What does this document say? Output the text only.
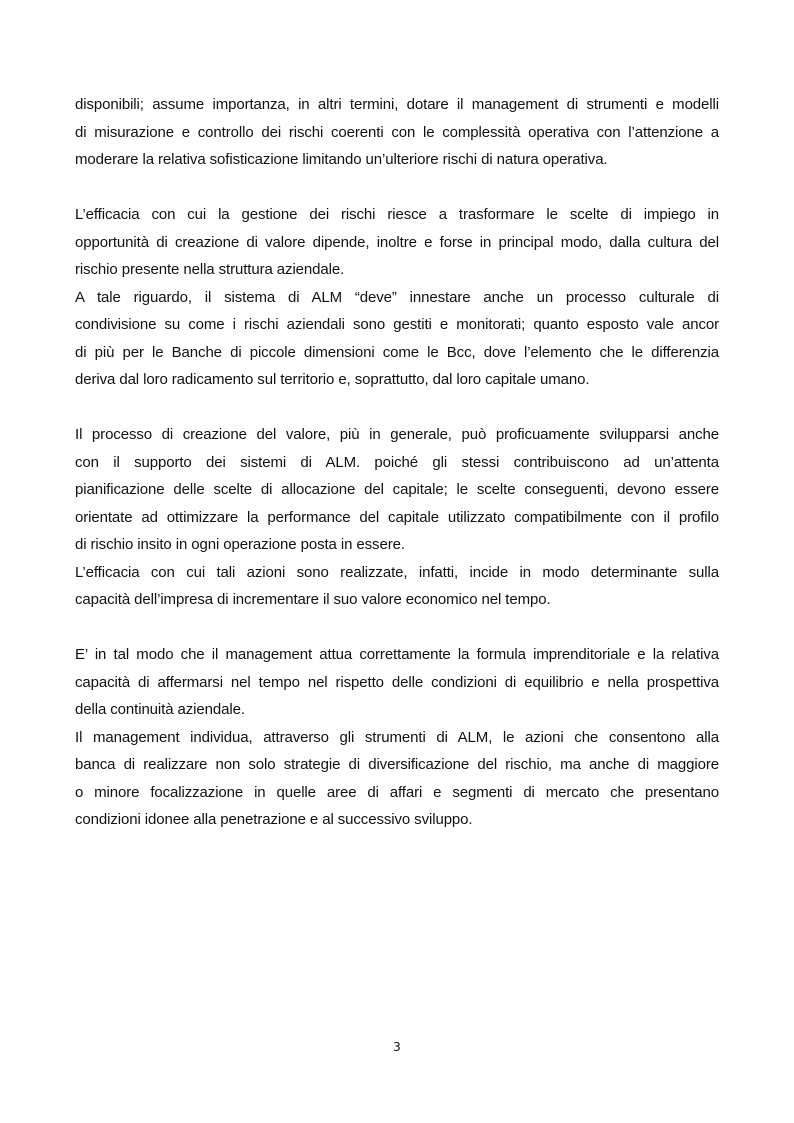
disponibili; assume importanza, in altri termini, dotare il management di strumenti e modelli

di misurazione e controllo dei rischi coerenti con le complessità operativa con l’attenzione a

moderare la relativa sofisticazione limitando un’ulteriore rischi di natura operativa.

L’efficacia con cui la gestione dei rischi riesce a trasformare le scelte di impiego in

opportunità di creazione di valore dipende, inoltre e forse in principal modo, dalla cultura del

rischio presente nella struttura aziendale.

A tale riguardo, il sistema di ALM “deve” innestare anche un processo culturale di

condivisione su come i rischi aziendali sono gestiti e monitorati; quanto esposto vale ancor

di più per le Banche di piccole dimensioni come le Bcc, dove l’elemento che le differenzia

deriva dal loro radicamento sul territorio e, soprattutto, dal loro capitale umano.

Il processo di creazione del valore, più in generale, può proficuamente svilupparsi anche

con il supporto dei sistemi di ALM. poiché gli stessi contribuiscono ad un’attenta

pianificazione delle scelte di allocazione del capitale; le scelte conseguenti, devono essere

orientate ad ottimizzare la performance del capitale utilizzato compatibilmente con il profilo

di rischio insito in ogni operazione posta in essere.

L’efficacia con cui tali azioni sono realizzate, infatti, incide in modo determinante sulla

capacità dell’impresa di incrementare il suo valore economico nel tempo.

E’ in tal modo che il management attua correttamente la formula imprenditoriale e la relativa

capacità di affermarsi nel tempo nel rispetto delle condizioni di equilibrio e nella prospettiva

della continuità aziendale.

Il management individua, attraverso gli strumenti di ALM, le azioni che consentono alla

banca di realizzare non solo strategie di diversificazione del rischio, ma anche di maggiore

o minore focalizzazione in quelle aree di affari e segmenti di mercato che presentano

condizioni idonee alla penetrazione e al successivo sviluppo.

3
